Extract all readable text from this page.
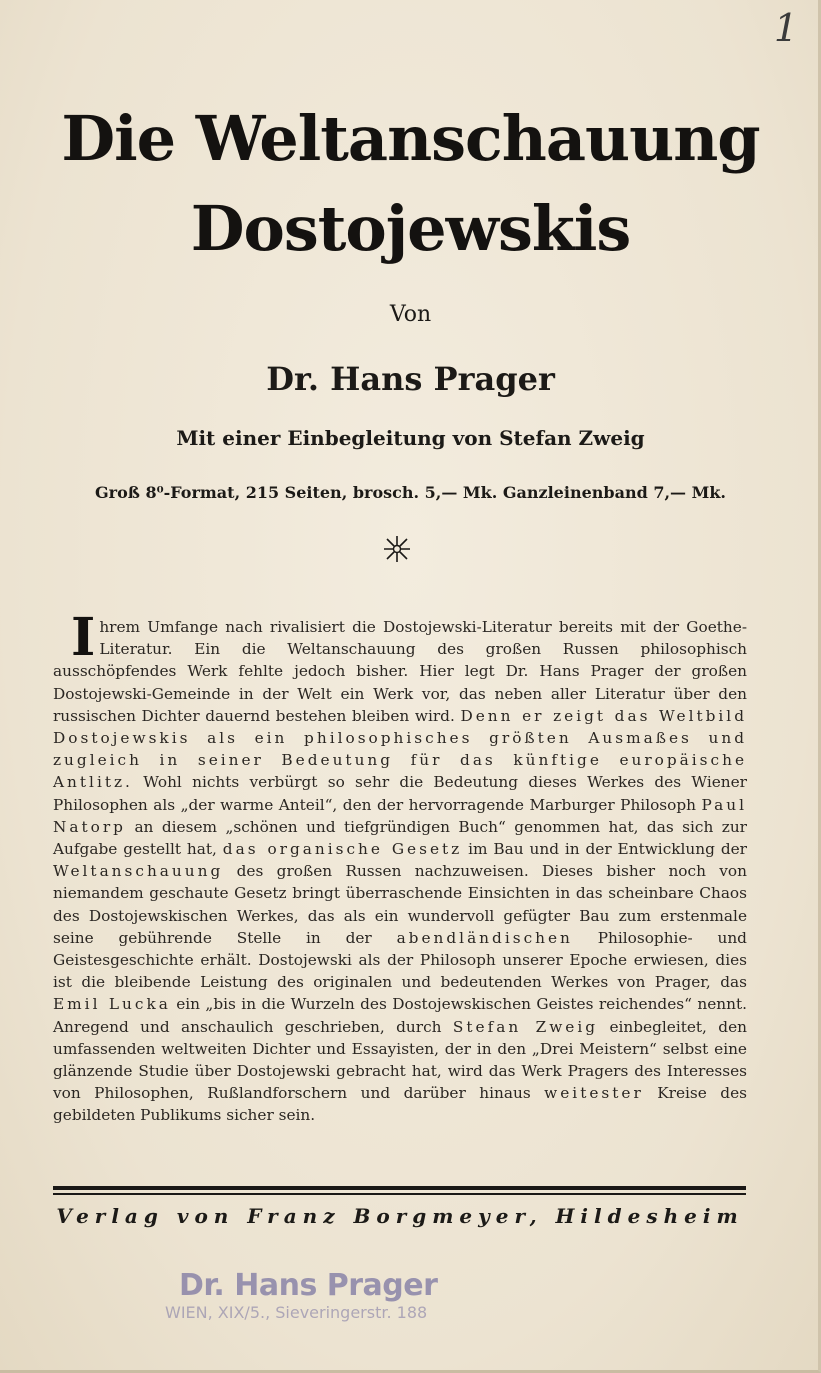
1
Die Weltanschauung
Dostojewskis
Von
Dr. Hans Prager
Mit einer Einbegleitung von Stefan Zweig
Groß 8⁰-Format, 215 Seiten, brosch. 5,— Mk. Ganzleinenband 7,— Mk.
Ihrem Umfange nach rivalisiert die Dostojewski-Literatur bereits mit der Goethe-Literatur. Ein die Weltanschauung des großen Russen philosophisch ausschöpfendes Werk fehlte jedoch bisher. Hier legt Dr. Hans Prager der großen Dostojewski-Gemeinde in der Welt ein Werk vor, das neben aller Literatur über den russischen Dichter dauernd bestehen bleiben wird. Denn er zeigt das Weltbild Dostojewskis als ein philosophisches größten Ausmaßes und zugleich in seiner Bedeutung für das künftige europäische Antlitz. Wohl nichts verbürgt so sehr die Bedeutung dieses Werkes des Wiener Philosophen als „der warme Anteil“, den der hervorragende Marburger Philosoph Paul Natorp an diesem „schönen und tiefgründigen Buch“ genommen hat, das sich zur Aufgabe gestellt hat, das organische Gesetz im Bau und in der Entwicklung der Weltanschauung des großen Russen nachzuweisen. Dieses bisher noch von niemandem geschaute Gesetz bringt überraschende Einsichten in das scheinbare Chaos des Dostojewskischen Werkes, das als ein wundervoll gefügter Bau zum erstenmale seine gebührende Stelle in der abendländischen Philosophie- und Geistesgeschichte erhält. Dostojewski als der Philosoph unserer Epoche erwiesen, dies ist die bleibende Leistung des originalen und bedeutenden Werkes von Prager, das Emil Lucka ein „bis in die Wurzeln des Dostojewskischen Geistes reichendes“ nennt. Anregend und anschaulich geschrieben, durch Stefan Zweig einbegleitet, den umfassenden weltweiten Dichter und Essayisten, der in den „Drei Meistern“ selbst eine glänzende Studie über Dostojewski gebracht hat, wird das Werk Pragers des Interesses von Philosophen, Rußlandforschern und darüber hinaus weitester Kreise des gebildeten Publikums sicher sein.
Verlag von Franz Borgmeyer, Hildesheim
Dr. Hans Prager
WIEN, XIX/5., Sieveringerstr. 188
